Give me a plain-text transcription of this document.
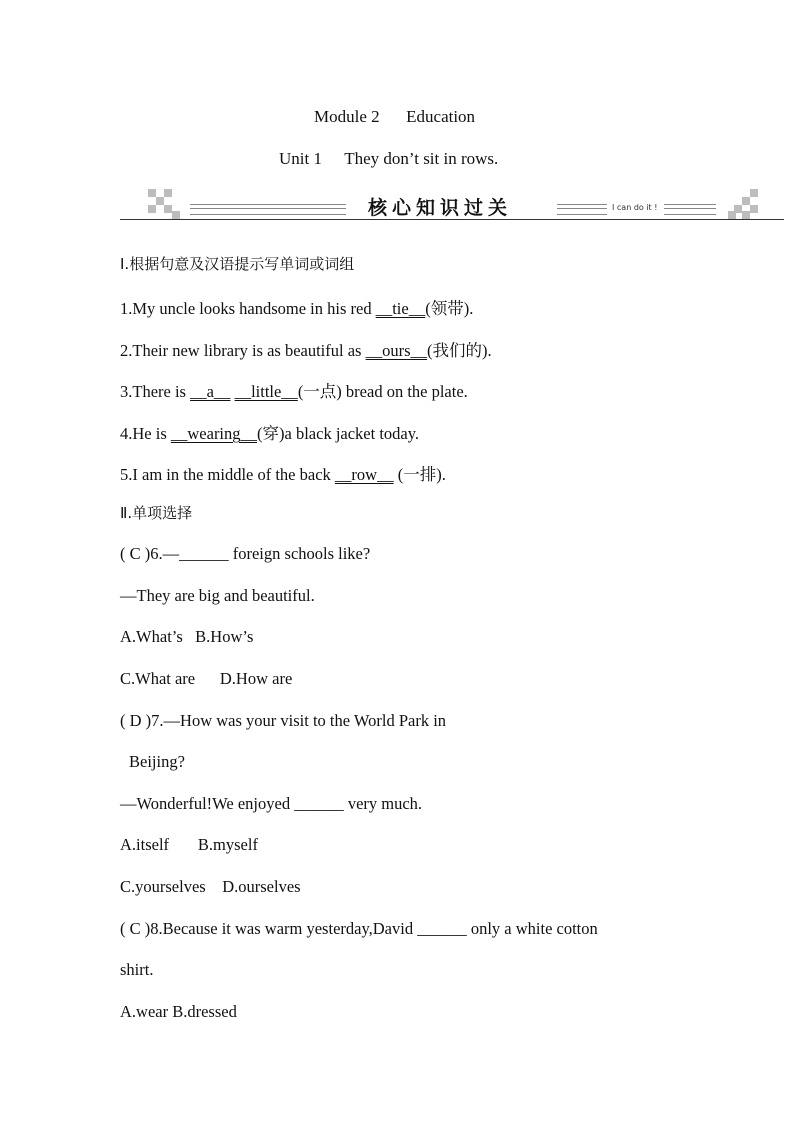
Module 2 Education
Unit 1 They don’t sit in rows.
核心知识过关	I can do it !
Ⅰ.根据句意及汉语提示写单词或词组
1.My uncle looks handsome in his red __tie__(领带).
2.Their new library is as beautiful as __ours__(我们的).
3.There is __a__ __little__(一点) bread on the plate.
4.He is __wearing__(穿)a black jacket today.
5.I am in the middle of the back __row__ (一排).
Ⅱ.单项选择
( C )6.—______ foreign schools like?
—They are big and beautiful.
A.What’s   B.How’s
C.What are      D.How are
( D )7.—How was your visit to the World Park in
Beijing?
—Wonderful!We enjoyed ______ very much.
A.itself       B.myself
C.yourselves    D.ourselves
( C )8.Because it was warm yesterday,David ______ only a white cotton
shirt.
A.wear B.dressed
